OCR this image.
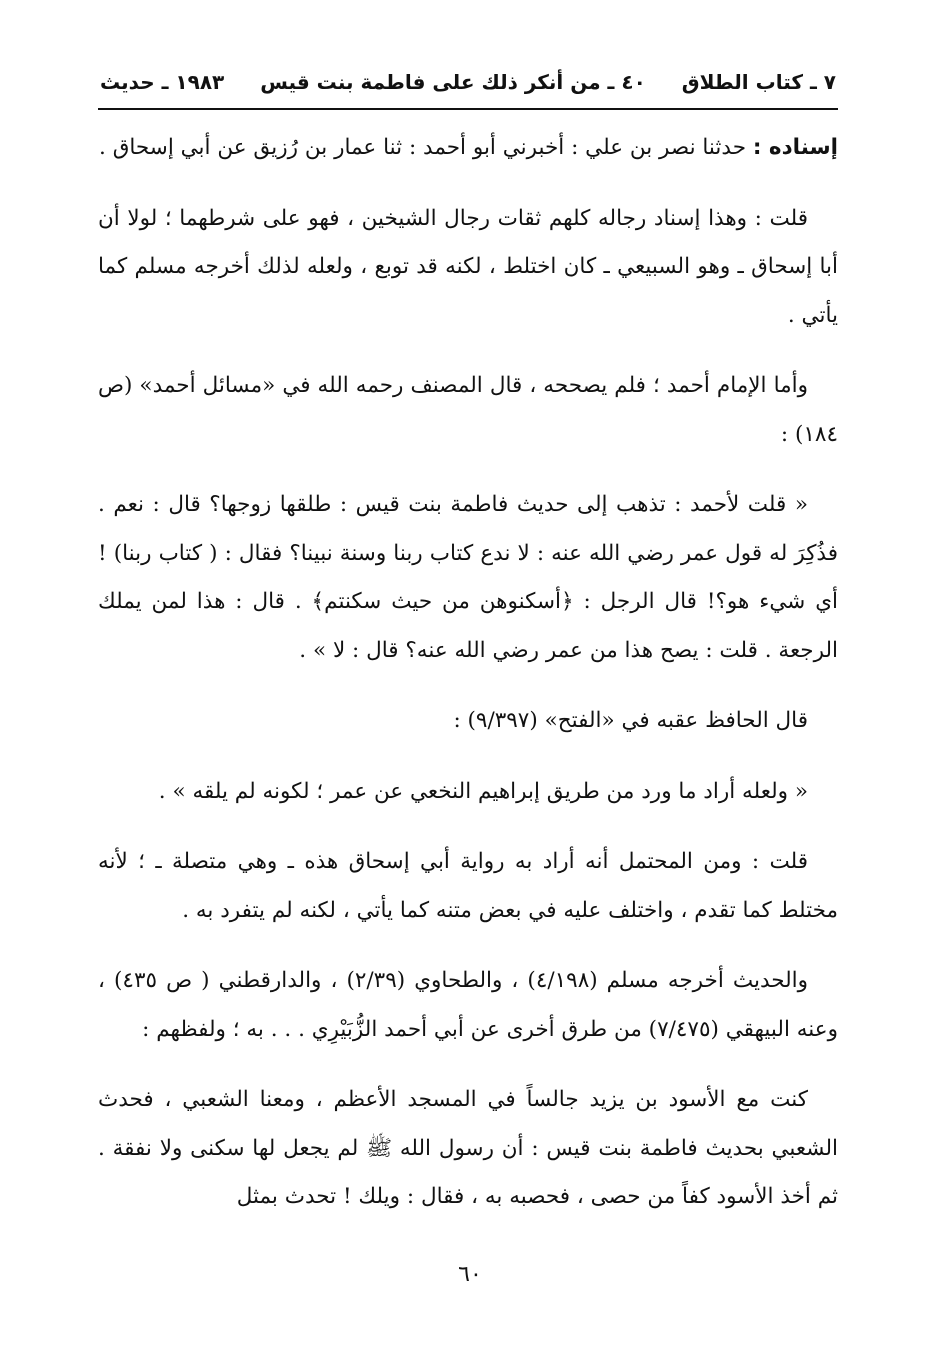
٧ ـ كتاب الطلاق
٤٠ ـ من أنكر ذلك على فاطمة بنت قيس
١٩٨٣ ـ حديث

إسناده : حدثنا نصر بن علي : أخبرني أبو أحمد : ثنا عمار بن رُزيق عن أبي إسحاق .

قلت : وهذا إسناد رجاله كلهم ثقات رجال الشيخين ، فهو على شرطهما ؛ لولا أن أبا إسحاق ـ وهو السبيعي ـ كان اختلط ، لكنه قد توبع ، ولعله لذلك أخرجه مسلم كما يأتي .

وأما الإمام أحمد ؛ فلم يصححه ، قال المصنف رحمه الله في «مسائل أحمد» (ص ١٨٤) :

« قلت لأحمد : تذهب إلى حديث فاطمة بنت قيس : طلقها زوجها؟ قال : نعم . فذُكِرَ له قول عمر رضي الله عنه : لا ندع كتاب ربنا وسنة نبينا؟ فقال : ( كتاب ربنا) ! أي شيء هو؟! قال الرجل : ﴿أسكنوهن من حيث سكنتم﴾ . قال : هذا لمن يملك الرجعة . قلت : يصح هذا من عمر رضي الله عنه؟ قال : لا » .

قال الحافظ عقبه في «الفتح» (٩/٣٩٧) :

« ولعله أراد ما ورد من طريق إبراهيم النخعي عن عمر ؛ لكونه لم يلقه » .

قلت : ومن المحتمل أنه أراد به رواية أبي إسحاق هذه ـ وهي متصلة ـ ؛ لأنه مختلط كما تقدم ، واختلف عليه في بعض متنه كما يأتي ، لكنه لم يتفرد به .

والحديث أخرجه مسلم (٤/١٩٨) ، والطحاوي (٢/٣٩) ، والدارقطني ( ص ٤٣٥) ، وعنه البيهقي (٧/٤٧٥) من طرق أخرى عن أبي أحمد الزُّبَيْرِي . . . به ؛ ولفظهم :

كنت مع الأسود بن يزيد جالساً في المسجد الأعظم ، ومعنا الشعبي ، فحدث الشعبي بحديث فاطمة بنت قيس : أن رسول الله ﷺ لم يجعل لها سكنى ولا نفقة . ثم أخذ الأسود كفاً من حصى ، فحصبه به ، فقال : ويلك ! تحدث بمثل

٦٠
